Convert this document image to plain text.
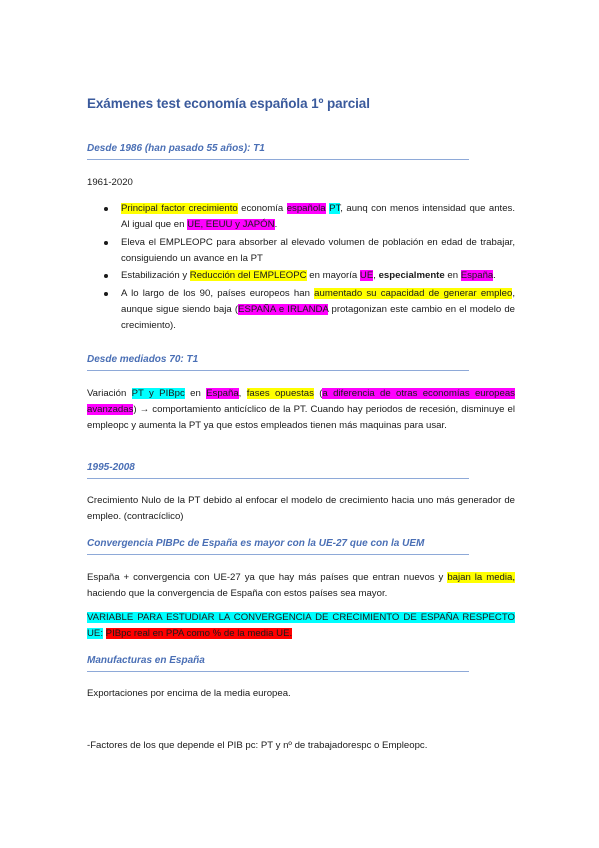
Exámenes test economía española 1º parcial
Desde 1986 (han pasado 55 años): T1
1961-2020
Principal factor crecimiento economía española PT, aunq con menos intensidad que antes. Al igual que en UE, EEUU y JAPÓN.
Eleva el EMPLEOPC para absorber al elevado volumen de población en edad de trabajar, consiguiendo un avance en la PT
Estabilización y Reducción del EMPLEOPC en mayoría UE, especialmente en España.
A lo largo de los 90, países europeos han aumentado su capacidad de generar empleo, aunque sigue siendo baja (ESPAÑA e IRLANDA protagonizan este cambio en el modelo de crecimiento).
Desde mediados 70: T1
Variación PT y PIBpc en España, fases opuestas (a diferencia de otras economías europeas avanzadas) → comportamiento anticíclico de la PT. Cuando hay periodos de recesión, disminuye el empleopc y aumenta la PT ya que estos empleados tienen más maquinas para usar.
1995-2008
Crecimiento Nulo de la PT debido al enfocar el modelo de crecimiento hacia uno más generador de empleo. (contracíclico)
Convergencia PIBPc de España es mayor con la UE-27 que con la UEM
España + convergencia con UE-27 ya que hay más países que entran nuevos y bajan la media, haciendo que la convergencia de España con estos países sea mayor.
VARIABLE PARA ESTUDIAR LA CONVERGENCIA DE CRECIMIENTO DE ESPAÑA RESPECTO UE: PIBpc real en PPA como % de la media UE.
Manufacturas en España
Exportaciones por encima de la media europea.
-Factores de los que depende el PIB pc: PT y nº de trabajadorespc o Empleopc.
